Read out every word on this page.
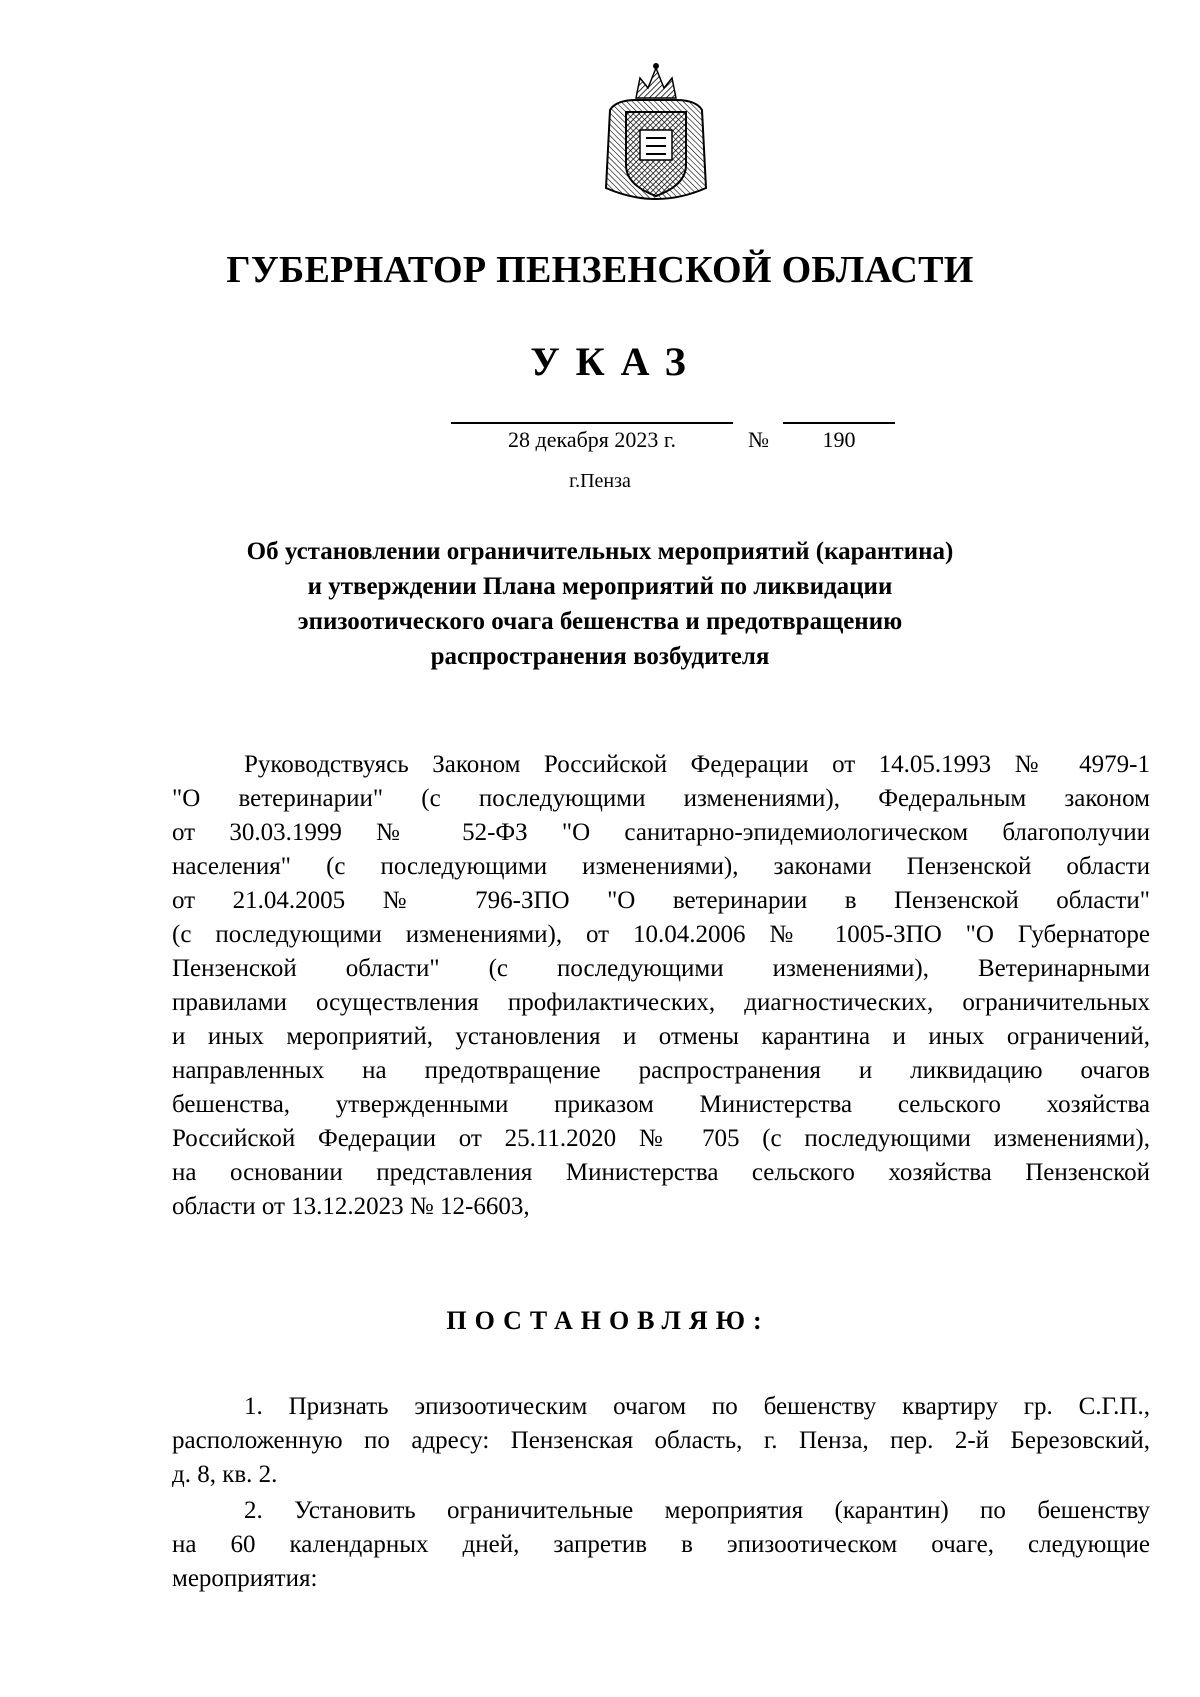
ГУБЕРНАТОР ПЕНЗЕНСКОЙ ОБЛАСТИ
УКАЗ
28 декабря 2023 г.	№	190
г.Пенза
Об установлении ограничительных мероприятий (карантина)
и утверждении Плана мероприятий по ликвидации
эпизоотического очага бешенства и предотвращению
распространения возбудителя
Руководствуясь Законом Российской Федерации от 14.05.1993 № 4979-1
"О ветеринарии" (с последующими изменениями), Федеральным законом
от 30.03.1999 № 52-ФЗ "О санитарно-эпидемиологическом благополучии
населения" (с последующими изменениями), законами Пензенской области
от 21.04.2005 № 796-ЗПО "О ветеринарии в Пензенской области"
(с последующими изменениями), от 10.04.2006 № 1005-ЗПО "О Губернаторе
Пензенской области" (с последующими изменениями), Ветеринарными
правилами осуществления профилактических, диагностических, ограничительных
и иных мероприятий, установления и отмены карантина и иных ограничений,
направленных на предотвращение распространения и ликвидацию очагов
бешенства, утвержденными приказом Министерства сельского хозяйства
Российской Федерации от 25.11.2020 № 705 (с последующими изменениями),
на основании представления Министерства сельского хозяйства Пензенской
области от 13.12.2023 № 12-6603,
ПОСТАНОВЛЯЮ:
1. Признать эпизоотическим очагом по бешенству квартиру гр. С.Г.П.,
расположенную по адресу: Пензенская область, г. Пенза, пер. 2-й Березовский,
д. 8, кв. 2.
2. Установить ограничительные мероприятия (карантин) по бешенству
на 60 календарных дней, запретив в эпизоотическом очаге, следующие
мероприятия:
